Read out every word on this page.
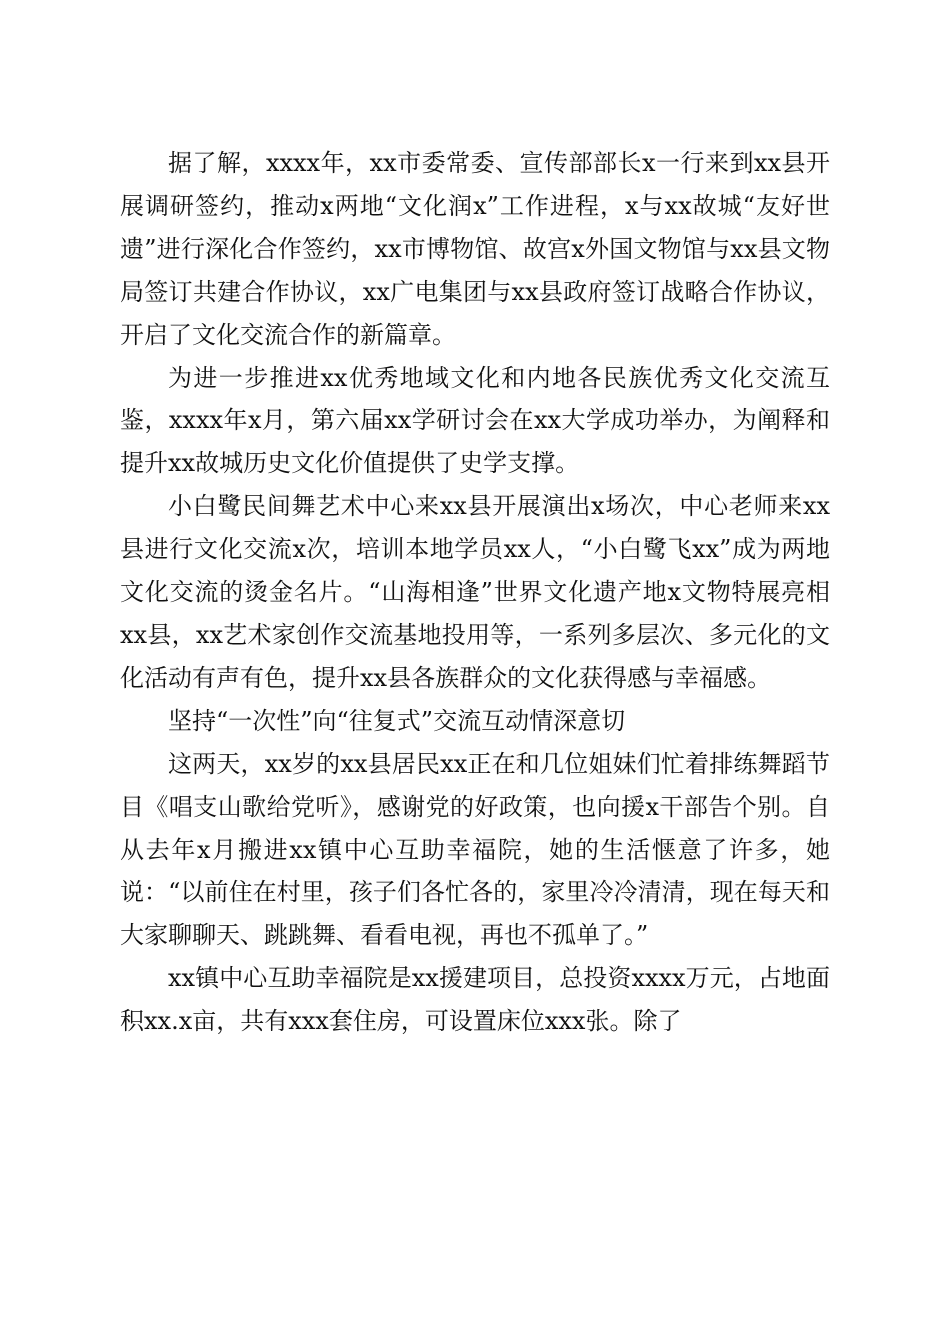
据了解，xxxx年，xx市委常委、宣传部部长x一行来到xx县开展调研签约，推动x两地“文化润x”工作进程，x与xx故城“友好世遗”进行深化合作签约，xx市博物馆、故宫x外国文物馆与xx县文物局签订共建合作协议，xx广电集团与xx县政府签订战略合作协议，开启了文化交流合作的新篇章。

为进一步推进xx优秀地域文化和内地各民族优秀文化交流互鉴，xxxx年x月，第六届xx学研讨会在xx大学成功举办，为阐释和提升xx故城历史文化价值提供了史学支撑。

小白鹭民间舞艺术中心来xx县开展演出x场次，中心老师来xx县进行文化交流x次，培训本地学员xx人，“小白鹭飞xx”成为两地文化交流的烫金名片。“山海相逢”世界文化遗产地x文物特展亮相xx县，xx艺术家创作交流基地投用等，一系列多层次、多元化的文化活动有声有色，提升xx县各族群众的文化获得感与幸福感。

坚持“一次性”向“往复式”交流互动情深意切

这两天，xx岁的xx县居民xx正在和几位姐妹们忙着排练舞蹈节目《唱支山歌给党听》，感谢党的好政策，也向援x干部告个别。自从去年x月搬进xx镇中心互助幸福院，她的生活惬意了许多，她说：“以前住在村里，孩子们各忙各的，家里冷冷清清，现在每天和大家聊聊天、跳跳舞、看看电视，再也不孤单了。”

xx镇中心互助幸福院是xx援建项目，总投资xxxx万元，占地面积xx.x亩，共有xxx套住房，可设置床位xxx张。除了
